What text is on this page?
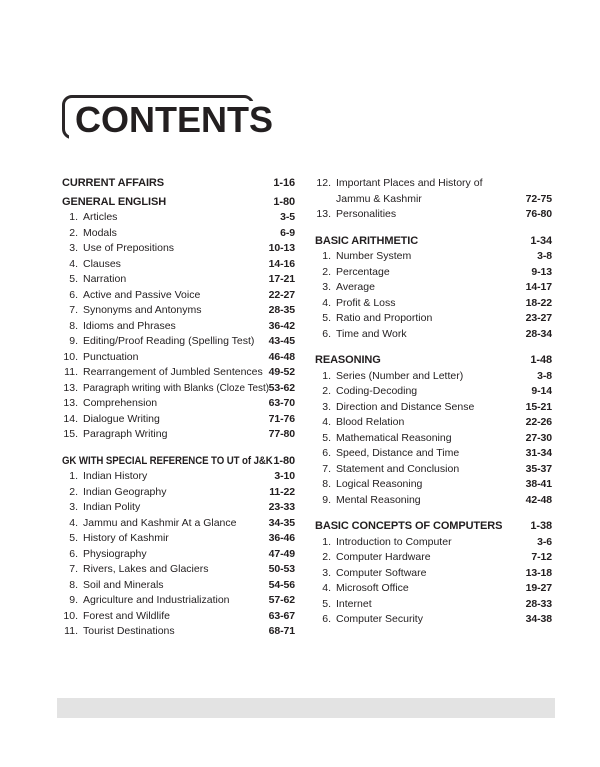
CONTENTS
CURRENT AFFAIRS	1-16
GENERAL ENGLISH	1-80
1. Articles	3-5
2. Modals	6-9
3. Use of Prepositions	10-13
4. Clauses	14-16
5. Narration	17-21
6. Active and Passive Voice	22-27
7. Synonyms and Antonyms	28-35
8. Idioms and Phrases	36-42
9. Editing/Proof Reading (Spelling Test)	43-45
10. Punctuation	46-48
11. Rearrangement of Jumbled Sentences 49-52
13. Paragraph writing with Blanks (Cloze Test) 53-62
13. Comprehension	63-70
14. Dialogue Writing	71-76
15. Paragraph Writing	77-80
GK WITH SPECIAL REFERENCE TO UT of J&K 1-80
1. Indian History	3-10
2. Indian Geography	11-22
3. Indian Polity	23-33
4. Jammu and Kashmir At a Glance	34-35
5. History of Kashmir	36-46
6. Physiography	47-49
7. Rivers, Lakes and Glaciers	50-53
8. Soil and Minerals	54-56
9. Agriculture and Industrialization	57-62
10. Forest and Wildlife	63-67
11. Tourist Destinations	68-71
12. Important Places and History of
Jammu & Kashmir	72-75
13. Personalities	76-80
BASIC ARITHMETIC	1-34
1. Number System	3-8
2. Percentage	9-13
3. Average	14-17
4. Profit & Loss	18-22
5. Ratio and Proportion	23-27
6. Time and Work	28-34
REASONING	1-48
1. Series (Number and Letter)	3-8
2. Coding-Decoding	9-14
3. Direction and Distance Sense	15-21
4. Blood Relation	22-26
5. Mathematical Reasoning	27-30
6. Speed, Distance and Time	31-34
7. Statement and Conclusion	35-37
8. Logical Reasoning	38-41
9. Mental Reasoning	42-48
BASIC CONCEPTS OF COMPUTERS	1-38
1. Introduction to Computer	3-6
2. Computer Hardware	7-12
3. Computer Software	13-18
4. Microsoft Office	19-27
5. Internet	28-33
6. Computer Security	34-38
